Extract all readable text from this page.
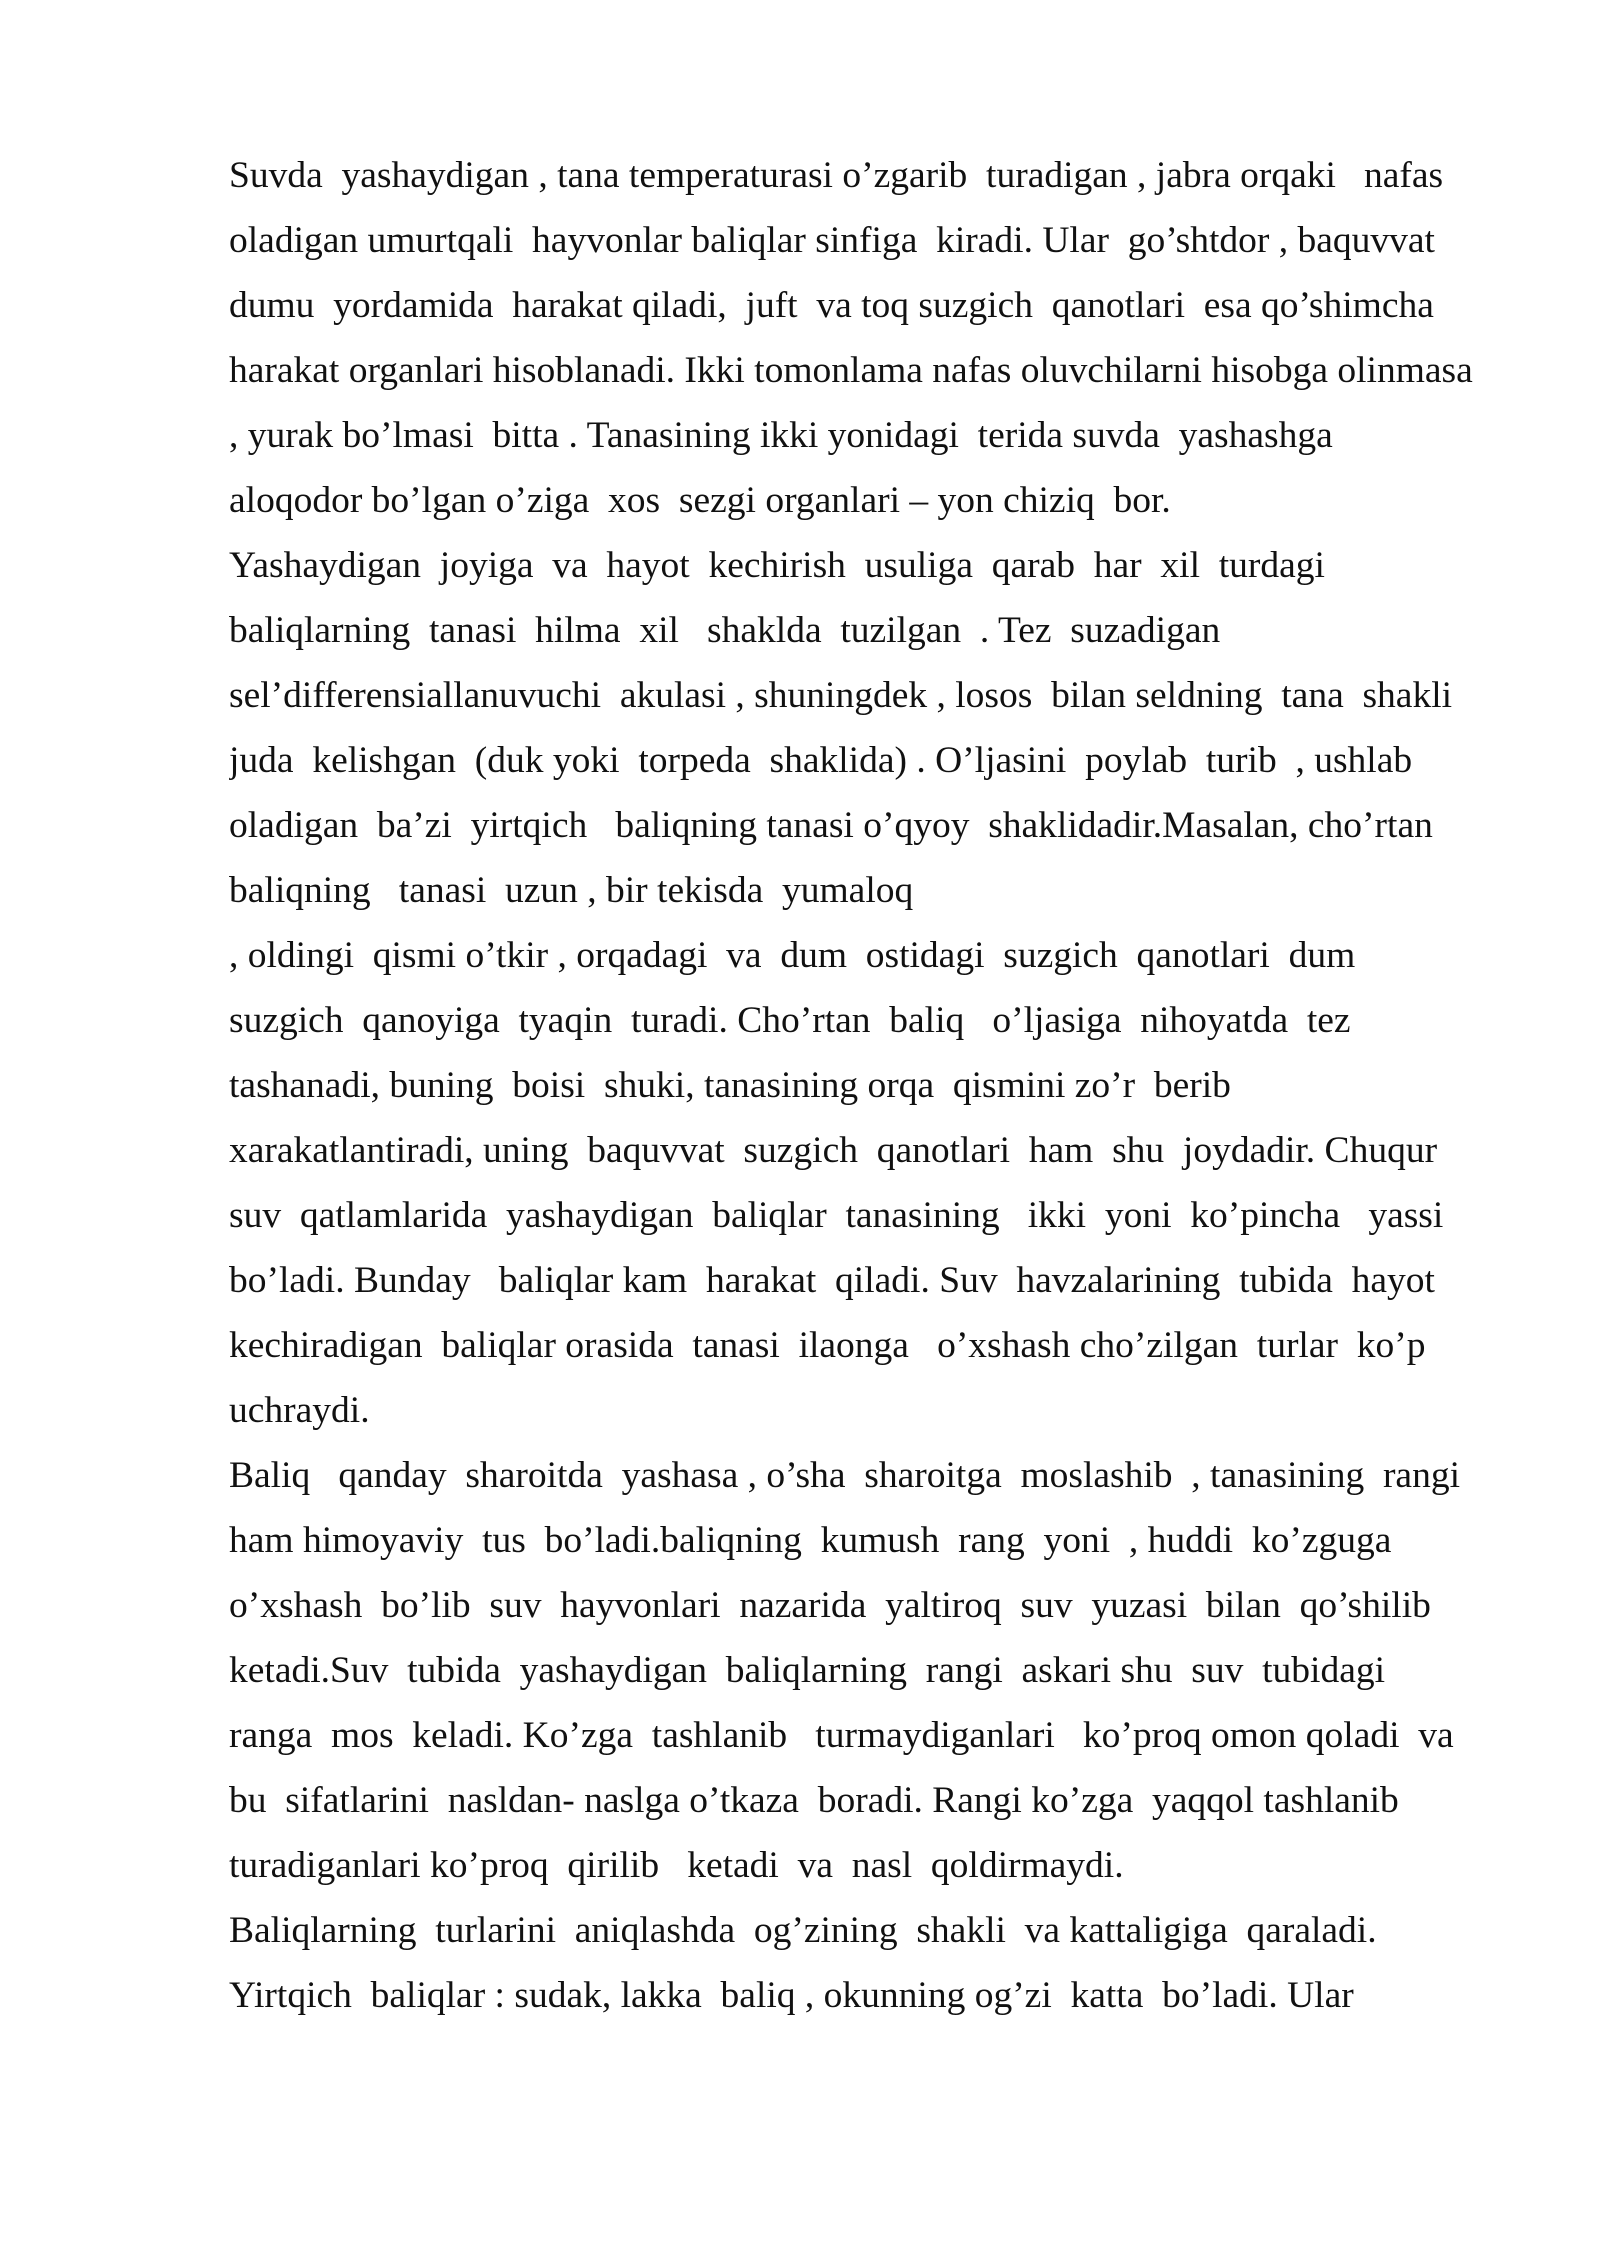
Suvda  yashaydigan , tana temperaturasi o’zgarib  turadigan , jabra orqaki   nafas
oladigan umurtqali  hayvonlar baliqlar sinfiga  kiradi. Ular  go’shtdor , baquvvat
dumu  yordamida  harakat qiladi,  juft  va toq suzgich  qanotlari  esa qo’shimcha
harakat organlari hisoblanadi. Ikki tomonlama nafas oluvchilarni hisobga olinmasa
, yurak bo’lmasi  bitta . Tanasining ikki yonidagi  terida suvda  yashashga
aloqodor bo’lgan o’ziga  xos  sezgi organlari – yon chiziq  bor.
Yashaydigan  joyiga  va  hayot  kechirish  usuliga  qarab  har  xil  turdagi
baliqlarning  tanasi  hilma  xil   shaklda  tuzilgan  . Tez  suzadigan
sel’differensiallanuvuchi  akulasi , shuningdek , losos  bilan seldning  tana  shakli
juda  kelishgan  (duk yoki  torpeda  shaklida) . O’ljasini  poylab  turib  , ushlab
oladigan  ba’zi  yirtqich   baliqning tanasi o’qyoy  shaklidadir.Masalan, cho’rtan
baliqning   tanasi  uzun , bir tekisda  yumaloq
, oldingi  qismi o’tkir , orqadagi  va  dum  ostidagi  suzgich  qanotlari  dum
suzgich  qanoyiga  tyaqin  turadi. Cho’rtan  baliq   o’ljasiga  nihoyatda  tez
tashanadi, buning  boisi  shuki, tanasining orqa  qismini zo’r  berib
xarakatlantiradi, uning  baquvvat  suzgich  qanotlari  ham  shu  joydadir. Chuqur
suv  qatlamlarida  yashaydigan  baliqlar  tanasining   ikki  yoni  ko’pincha   yassi
bo’ladi. Bunday   baliqlar kam  harakat  qiladi. Suv  havzalarining  tubida  hayot
kechiradigan  baliqlar orasida  tanasi  ilaonga   o’xshash cho’zilgan  turlar  ko’p
uchraydi.
Baliq   qanday  sharoitda  yashasa , o’sha  sharoitga  moslashib  , tanasining  rangi
ham himoyaviy  tus  bo’ladi.baliqning  kumush  rang  yoni  , huddi  ko’zguga
o’xshash  bo’lib  suv  hayvonlari  nazarida  yaltiroq  suv  yuzasi  bilan  qo’shilib
ketadi.Suv  tubida  yashaydigan  baliqlarning  rangi  askari shu  suv  tubidagi
ranga  mos  keladi. Ko’zga  tashlanib   turmaydiganlari   ko’proq omon qoladi  va
bu  sifatlarini  nasldan- naslga o’tkaza  boradi. Rangi ko’zga  yaqqol tashlanib
turadiganlari ko’proq  qirilib   ketadi  va  nasl  qoldirmaydi.
Baliqlarning  turlarini  aniqlashda  og’zining  shakli  va kattaligiga  qaraladi.
Yirtqich  baliqlar : sudak, lakka  baliq , okunning og’zi  katta  bo’ladi. Ular
